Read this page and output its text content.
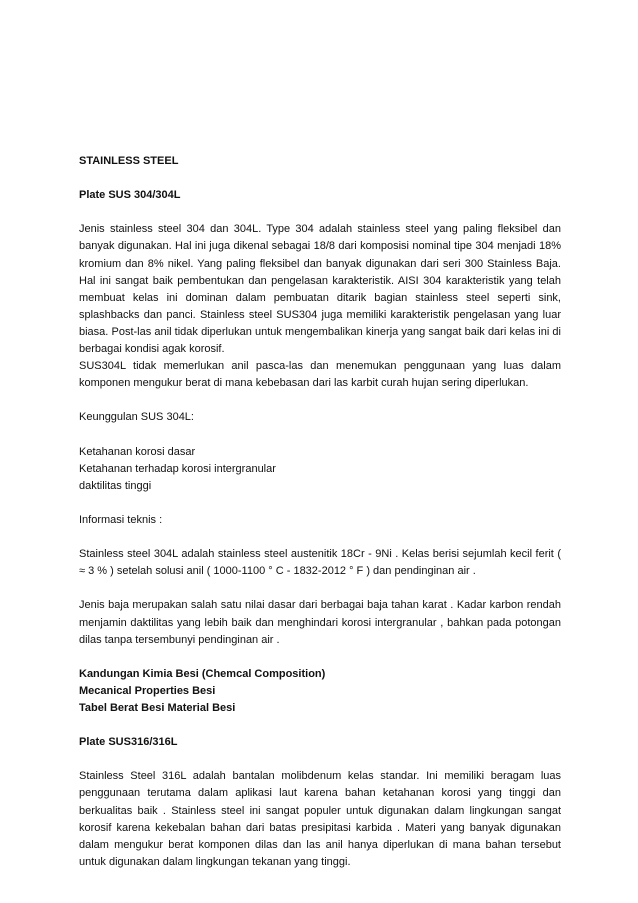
STAINLESS STEEL

Plate SUS 304/304L

Jenis stainless steel 304 dan 304L. Type 304 adalah stainless steel yang paling fleksibel dan banyak digunakan. Hal ini juga dikenal sebagai 18/8 dari komposisi nominal tipe 304 menjadi 18% kromium dan 8% nikel. Yang paling fleksibel dan banyak digunakan dari seri 300 Stainless Baja. Hal ini sangat baik pembentukan dan pengelasan karakteristik. AISI 304 karakteristik yang telah membuat kelas ini dominan dalam pembuatan ditarik bagian stainless steel seperti sink, splashbacks dan panci. Stainless steel SUS304 juga memiliki karakteristik pengelasan yang luar biasa. Post-las anil tidak diperlukan untuk mengembalikan kinerja yang sangat baik dari kelas ini di berbagai kondisi agak korosif.

SUS304L tidak memerlukan anil pasca-las dan menemukan penggunaan yang luas dalam komponen mengukur berat di mana kebebasan dari las karbit curah hujan sering diperlukan.

Keunggulan SUS 304L:

Ketahanan korosi dasar
Ketahanan terhadap korosi intergranular
daktilitas tinggi

Informasi teknis :

Stainless steel 304L adalah stainless steel austenitik 18Cr - 9Ni . Kelas berisi sejumlah kecil ferit ( ≈ 3 % ) setelah solusi anil ( 1000-1100 ° C - 1832-2012 ° F ) dan pendinginan air .

Jenis baja merupakan salah satu nilai dasar dari berbagai baja tahan karat . Kadar karbon rendah menjamin daktilitas yang lebih baik dan menghindari korosi intergranular , bahkan pada potongan dilas tanpa tersembunyi pendinginan air .

Kandungan Kimia Besi (Chemcal Composition)
Mecanical Properties Besi
Tabel Berat Besi Material Besi

Plate SUS316/316L

Stainless Steel 316L adalah bantalan molibdenum kelas standar. Ini memiliki beragam luas penggunaan terutama dalam aplikasi laut karena bahan ketahanan korosi yang tinggi dan berkualitas baik . Stainless steel ini sangat populer untuk digunakan dalam lingkungan sangat korosif karena kekebalan bahan dari batas presipitasi karbida . Materi yang banyak digunakan dalam mengukur berat komponen dilas dan las anil hanya diperlukan di mana bahan tersebut untuk digunakan dalam lingkungan tekanan yang tinggi.
